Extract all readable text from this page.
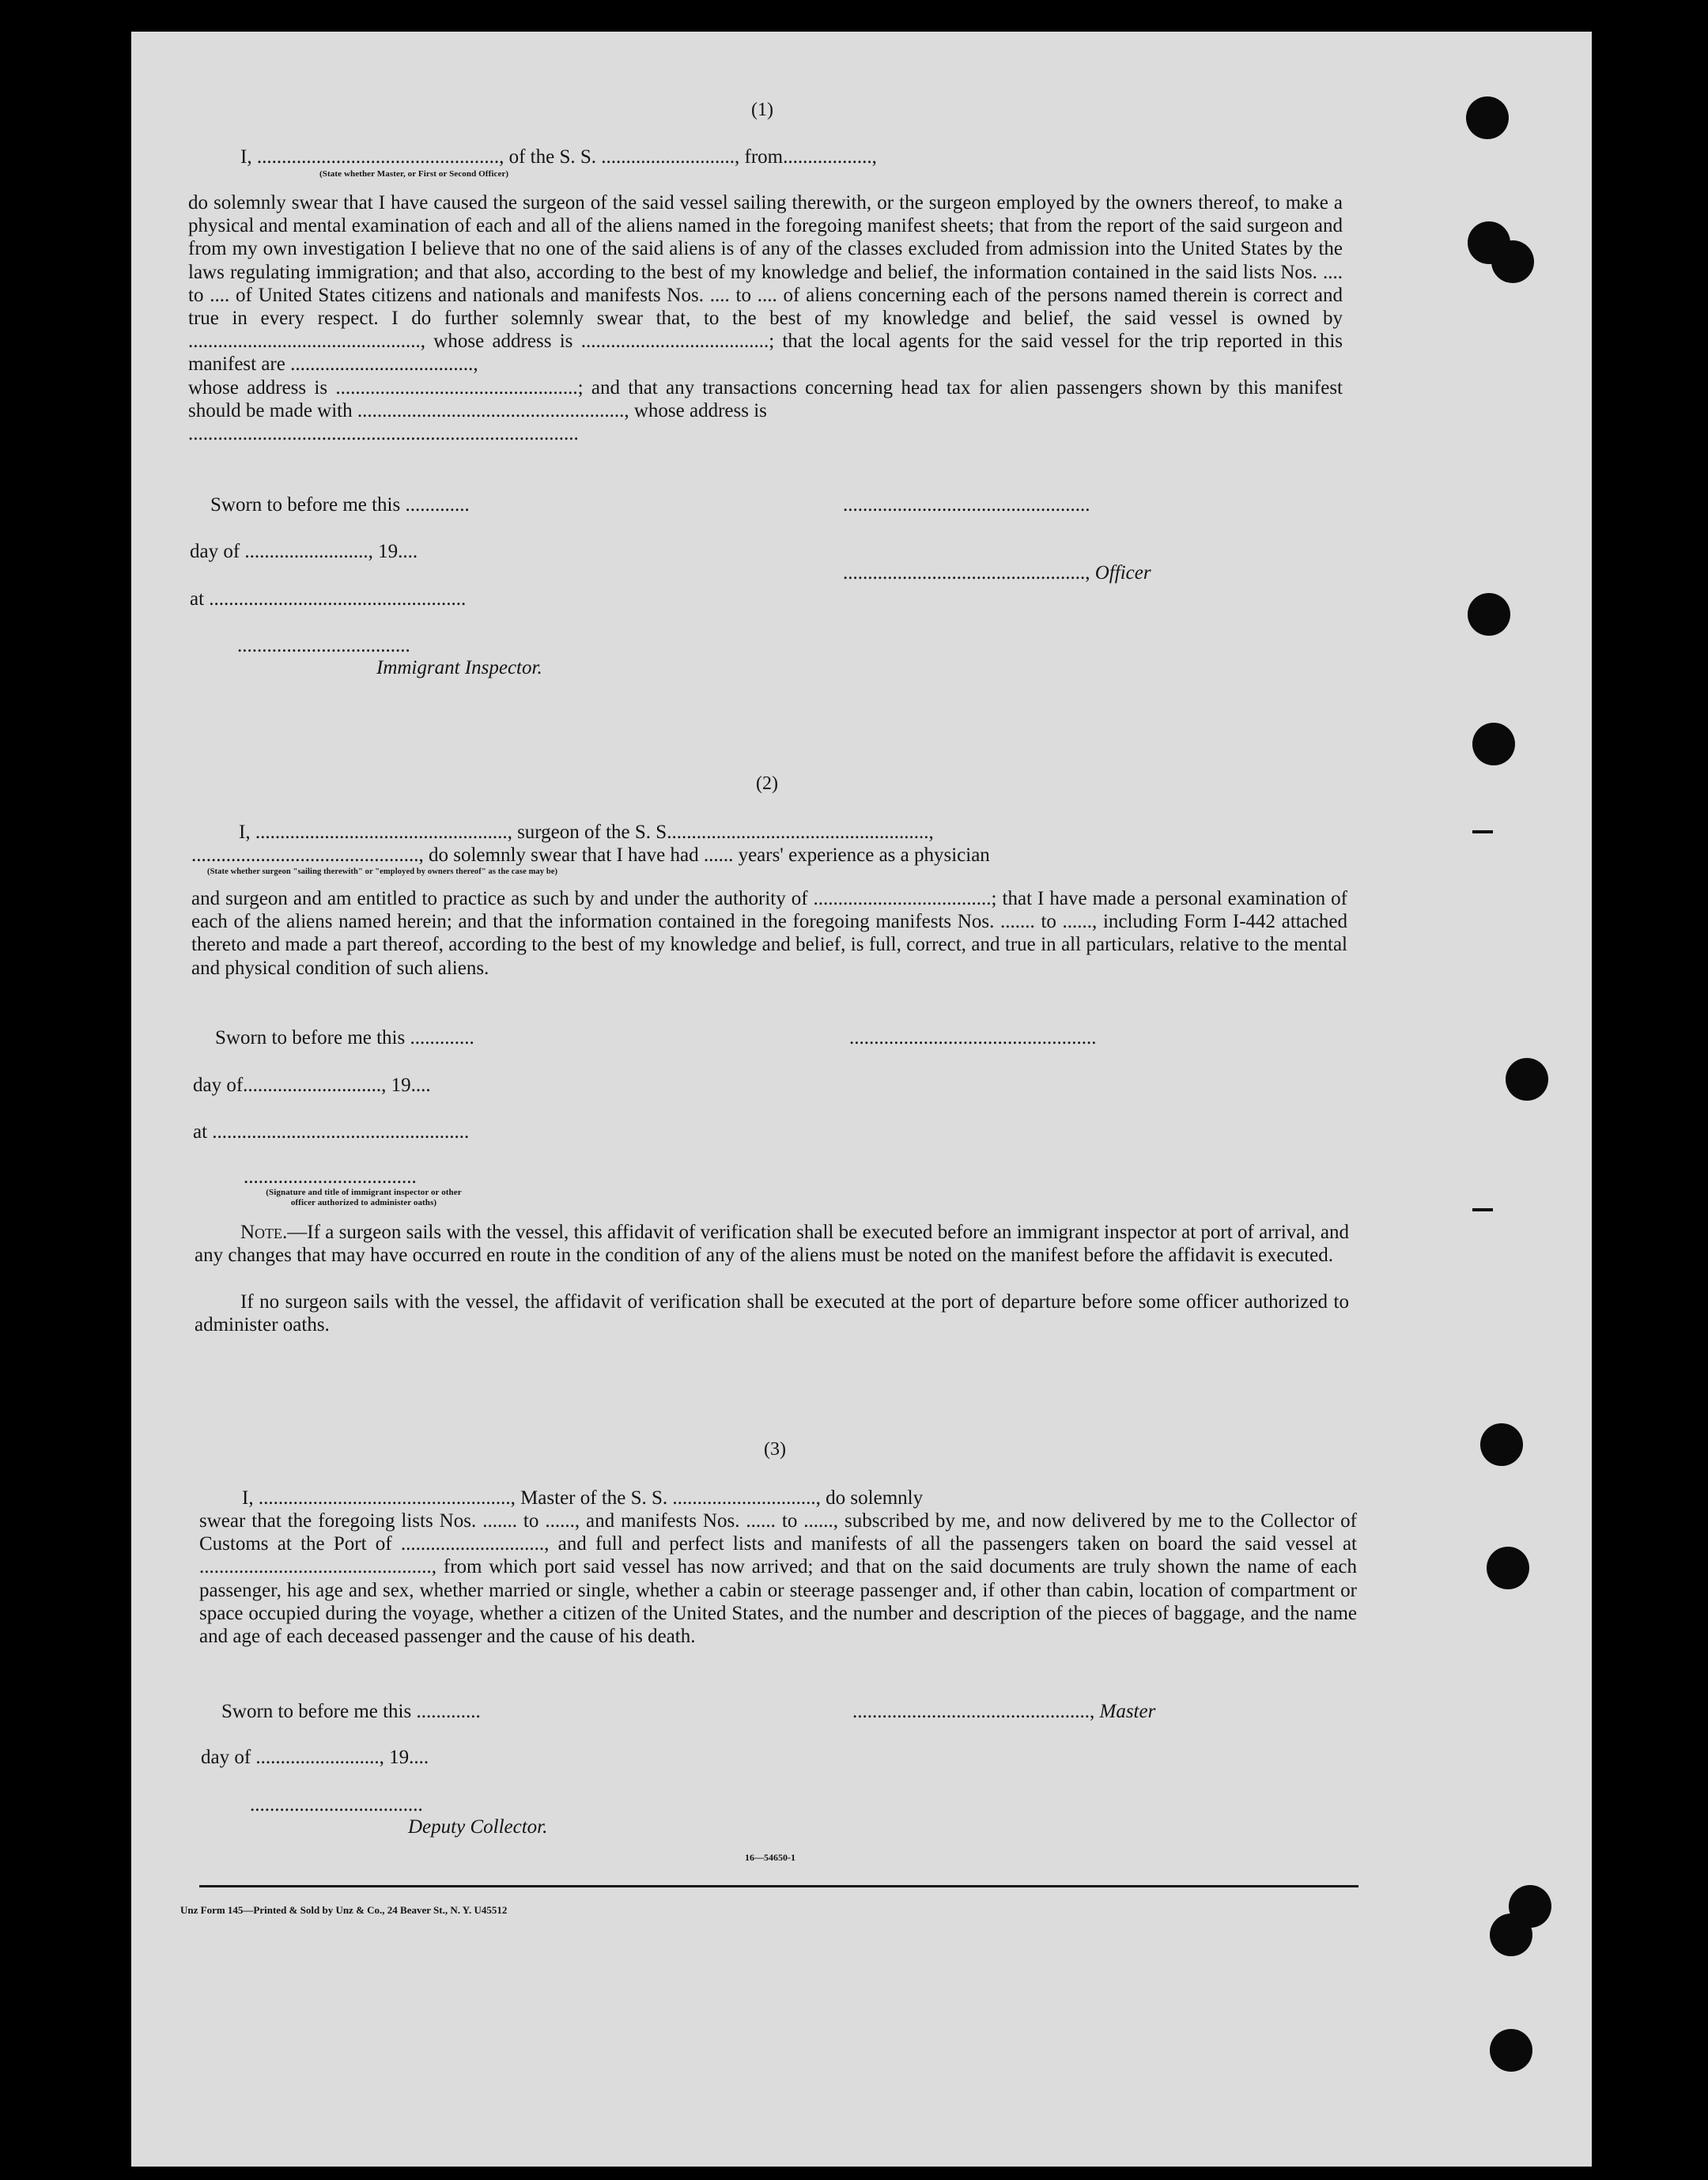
(1)
I, ................................................., of the S. S. ..........................., from..................,
(State whether Master, or First or Second Officer)
do solemnly swear that I have caused the surgeon of the said vessel sailing therewith, or the surgeon employed by the owners thereof, to make a physical and mental examination of each and all of the aliens named in the foregoing manifest sheets; that from the report of the said surgeon and from my own investigation I believe that no one of the said aliens is of any of the classes excluded from admission into the United States by the laws regulating immigration; and that also, according to the best of my knowledge and belief, the information contained in the said lists Nos. .... to .... of United States citizens and nationals and manifests Nos. .... to .... of aliens concerning each of the persons named therein is correct and true in every respect. I do further solemnly swear that, to the best of my knowledge and belief, the said vessel is owned by ..............................................., whose address is ......................................; that the local agents for the said vessel for the trip reported in this manifest are .....................................,
whose address is .................................................; and that any transactions concerning head tax for alien passengers shown by this manifest should be made with ......................................................, whose address is
...............................................................................
Sworn to before me this .............
day of ........................., 19....
at ....................................................
...................................
Immigrant Inspector.
..................................................
................................................., Officer
(2)
I, ..................................................., surgeon of the S. S.....................................................,
.............................................., do solemnly swear that I have had ...... years' experience as a physician
(State whether surgeon "sailing therewith" or "employed by owners thereof" as the case may be)
and surgeon and am entitled to practice as such by and under the authority of ....................................; that I have made a personal examination of each of the aliens named herein; and that the information contained in the foregoing manifests Nos. ....... to ......, including Form I-442 attached thereto and made a part thereof, according to the best of my knowledge and belief, is full, correct, and true in all particulars, relative to the mental and physical condition of such aliens.
Sworn to before me this .............
day of............................, 19....
at ....................................................
...................................
(Signature and title of immigrant inspector or other officer authorized to administer oaths)
..................................................
Note.—If a surgeon sails with the vessel, this affidavit of verification shall be executed before an immigrant inspector at port of arrival, and any changes that may have occurred en route in the condition of any of the aliens must be noted on the manifest before the affidavit is executed.
If no surgeon sails with the vessel, the affidavit of verification shall be executed at the port of departure before some officer authorized to administer oaths.
(3)
I, ..................................................., Master of the S. S. ............................., do solemnly
swear that the foregoing lists Nos. ....... to ......, and manifests Nos. ...... to ......, subscribed by me, and now delivered by me to the Collector of Customs at the Port of ............................., and full and perfect lists and manifests of all the passengers taken on board the said vessel at ..............................................., from which port said vessel has now arrived; and that on the said documents are truly shown the name of each passenger, his age and sex, whether married or single, whether a cabin or steerage passenger and, if other than cabin, location of compartment or space occupied during the voyage, whether a citizen of the United States, and the number and description of the pieces of baggage, and the name and age of each deceased passenger and the cause of his death.
Sworn to before me this .............
day of ........................., 19....
...................................
Deputy Collector.
................................................, Master
16—54650-1
Unz Form 145—Printed & Sold by Unz & Co., 24 Beaver St., N. Y. U45512
